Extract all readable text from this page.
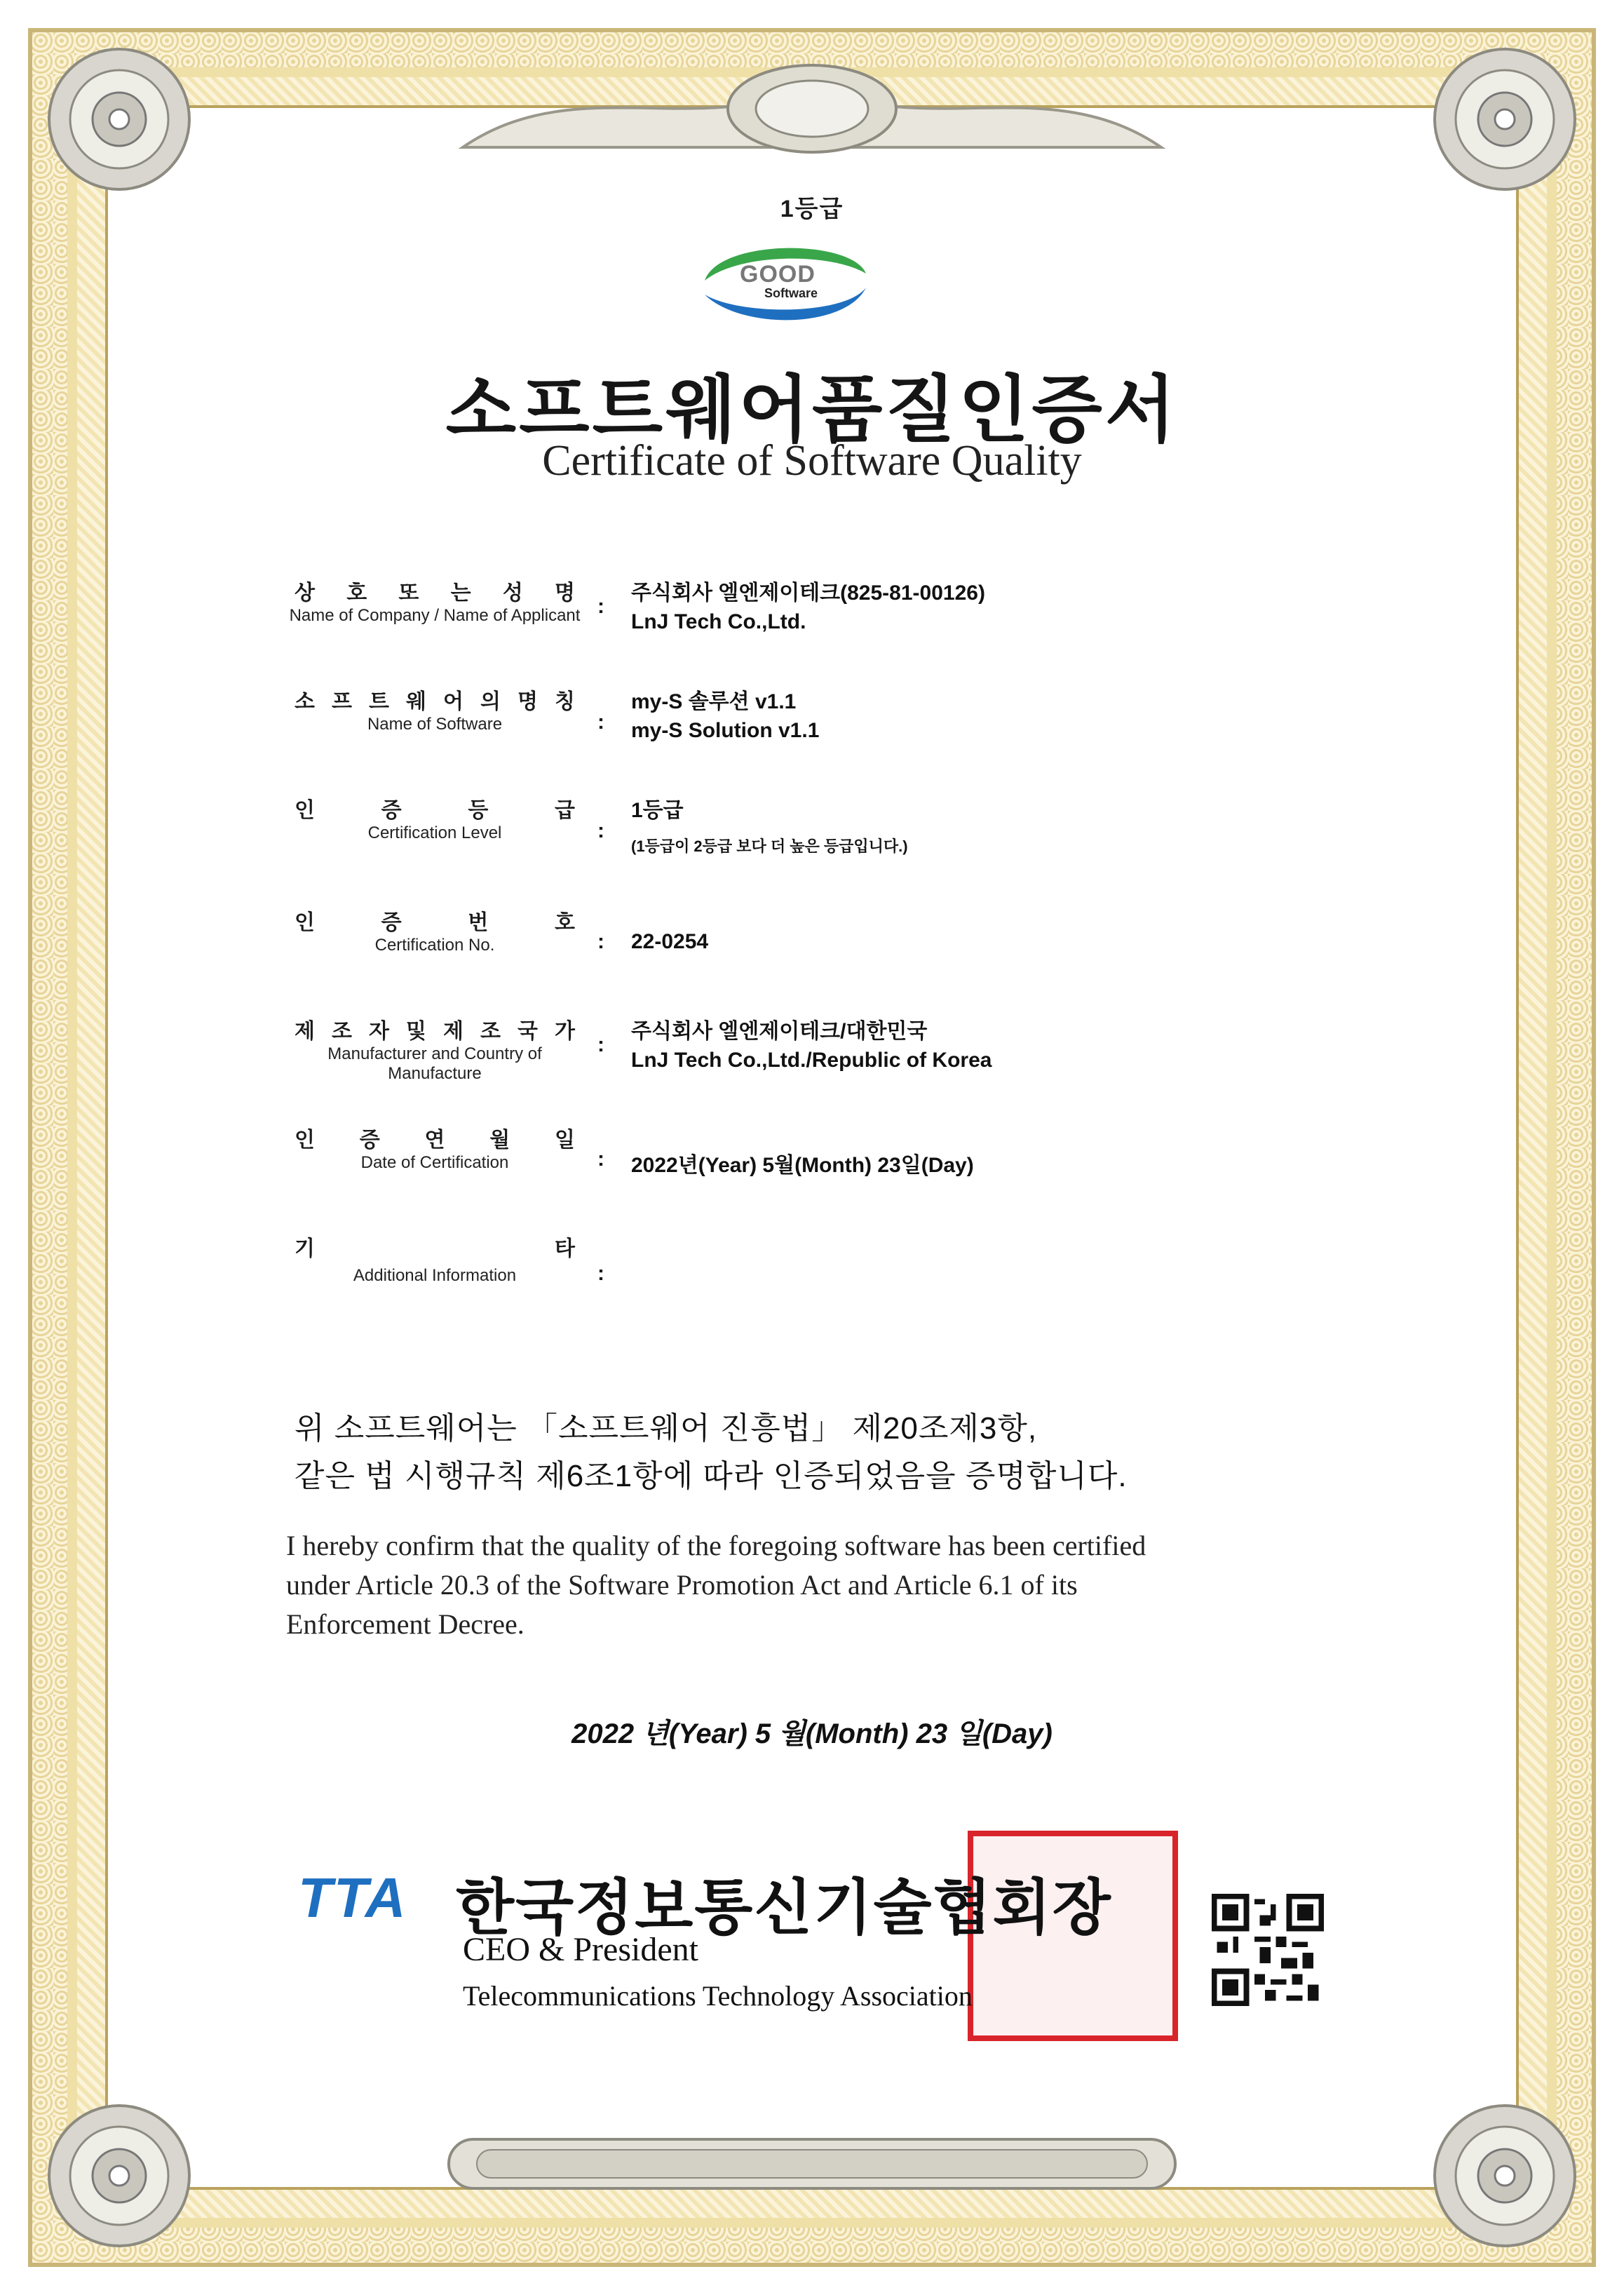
1등급
GOOD
Software
소프트웨어품질인증서
Certificate of Software Quality
상 호 또 는 성 명
Name of Company / Name of Applicant :
주식회사 엘엔제이테크(825-81-00126)
LnJ Tech Co.,Ltd.
소 프 트 웨 어 의 명 칭
Name of Software	:
my-S 솔루션 v1.1
my-S Solution v1.1
인	증	등	급
Certification Level	:
1등급
(1등급이 2등급 보다 더 높은 등급입니다.)
인	증	번	호
Certification No.	: 22-0254
제 조 자 및 제 조 국 가
Manufacturer and Country of Manufacture
:
주식회사 엘엔제이테크/대한민국
LnJ Tech Co.,Ltd./Republic of Korea
인 증 연 월 일
Date of Certification	: 2022년(Year) 5월(Month) 23일(Day)
기	타
Additional Information	:
위 소프트웨어는 「소프트웨어 진흥법」 제20조제3항,
같은 법 시행규칙 제6조1항에 따라 인증되었음을 증명합니다.
I hereby confirm that the quality of the foregoing software has been certified
under Article 20.3 of the Software Promotion Act and Article 6.1 of its
Enforcement Decree.
2022 년(Year) 5 월(Month) 23 일(Day)
TTA 한국정보통신기술협회장
CEO & President
Telecommunications Technology Association
